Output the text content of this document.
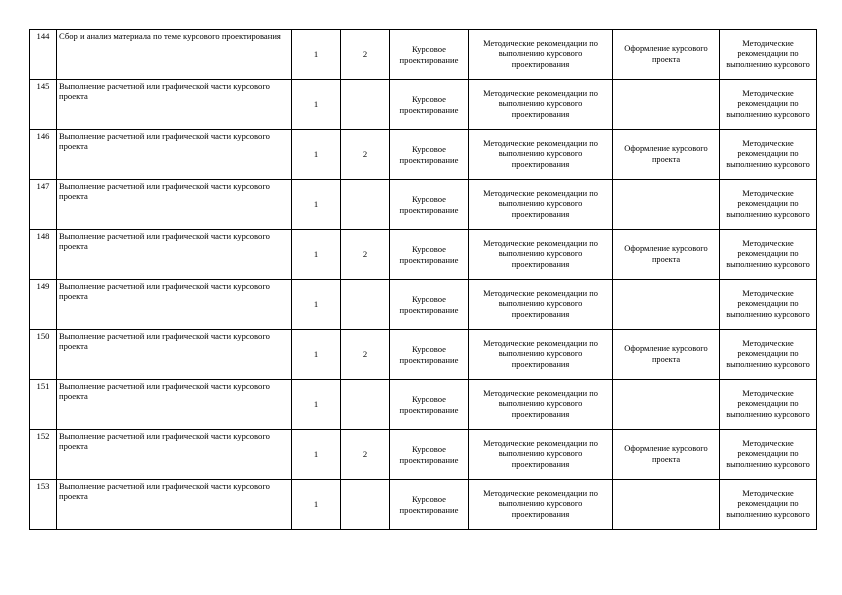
144	Сбор и анализ материала по теме курсового проектирования	1	2	Курсовое проектирование	Методические рекомендации по выполнению курсового проектирования	Оформление курсового проекта	Методические рекомендации по выполнению курсового
145	Выполнение расчетной или графической части курсового проекта	1		Курсовое проектирование	Методические рекомендации по выполнению курсового проектирования		Методические рекомендации по выполнению курсового
146	Выполнение расчетной или графической части курсового проекта	1	2	Курсовое проектирование	Методические рекомендации по выполнению курсового проектирования	Оформление курсового проекта	Методические рекомендации по выполнению курсового
147	Выполнение расчетной или графической части курсового проекта	1		Курсовое проектирование	Методические рекомендации по выполнению курсового проектирования		Методические рекомендации по выполнению курсового
148	Выполнение расчетной или графической части курсового проекта	1	2	Курсовое проектирование	Методические рекомендации по выполнению курсового проектирования	Оформление курсового проекта	Методические рекомендации по выполнению курсового
149	Выполнение расчетной или графической части курсового проекта	1		Курсовое проектирование	Методические рекомендации по выполнению курсового проектирования		Методические рекомендации по выполнению курсового
150	Выполнение расчетной или графической части курсового проекта	1	2	Курсовое проектирование	Методические рекомендации по выполнению курсового проектирования	Оформление курсового проекта	Методические рекомендации по выполнению курсового
151	Выполнение расчетной или графической части курсового проекта	1		Курсовое проектирование	Методические рекомендации по выполнению курсового проектирования		Методические рекомендации по выполнению курсового
152	Выполнение расчетной или графической части курсового проекта	1	2	Курсовое проектирование	Методические рекомендации по выполнению курсового проектирования	Оформление курсового проекта	Методические рекомендации по выполнению курсового
153	Выполнение расчетной или графической части курсового проекта	1		Курсовое проектирование	Методические рекомендации по выполнению курсового проектирования		Методические рекомендации по выполнению курсового
